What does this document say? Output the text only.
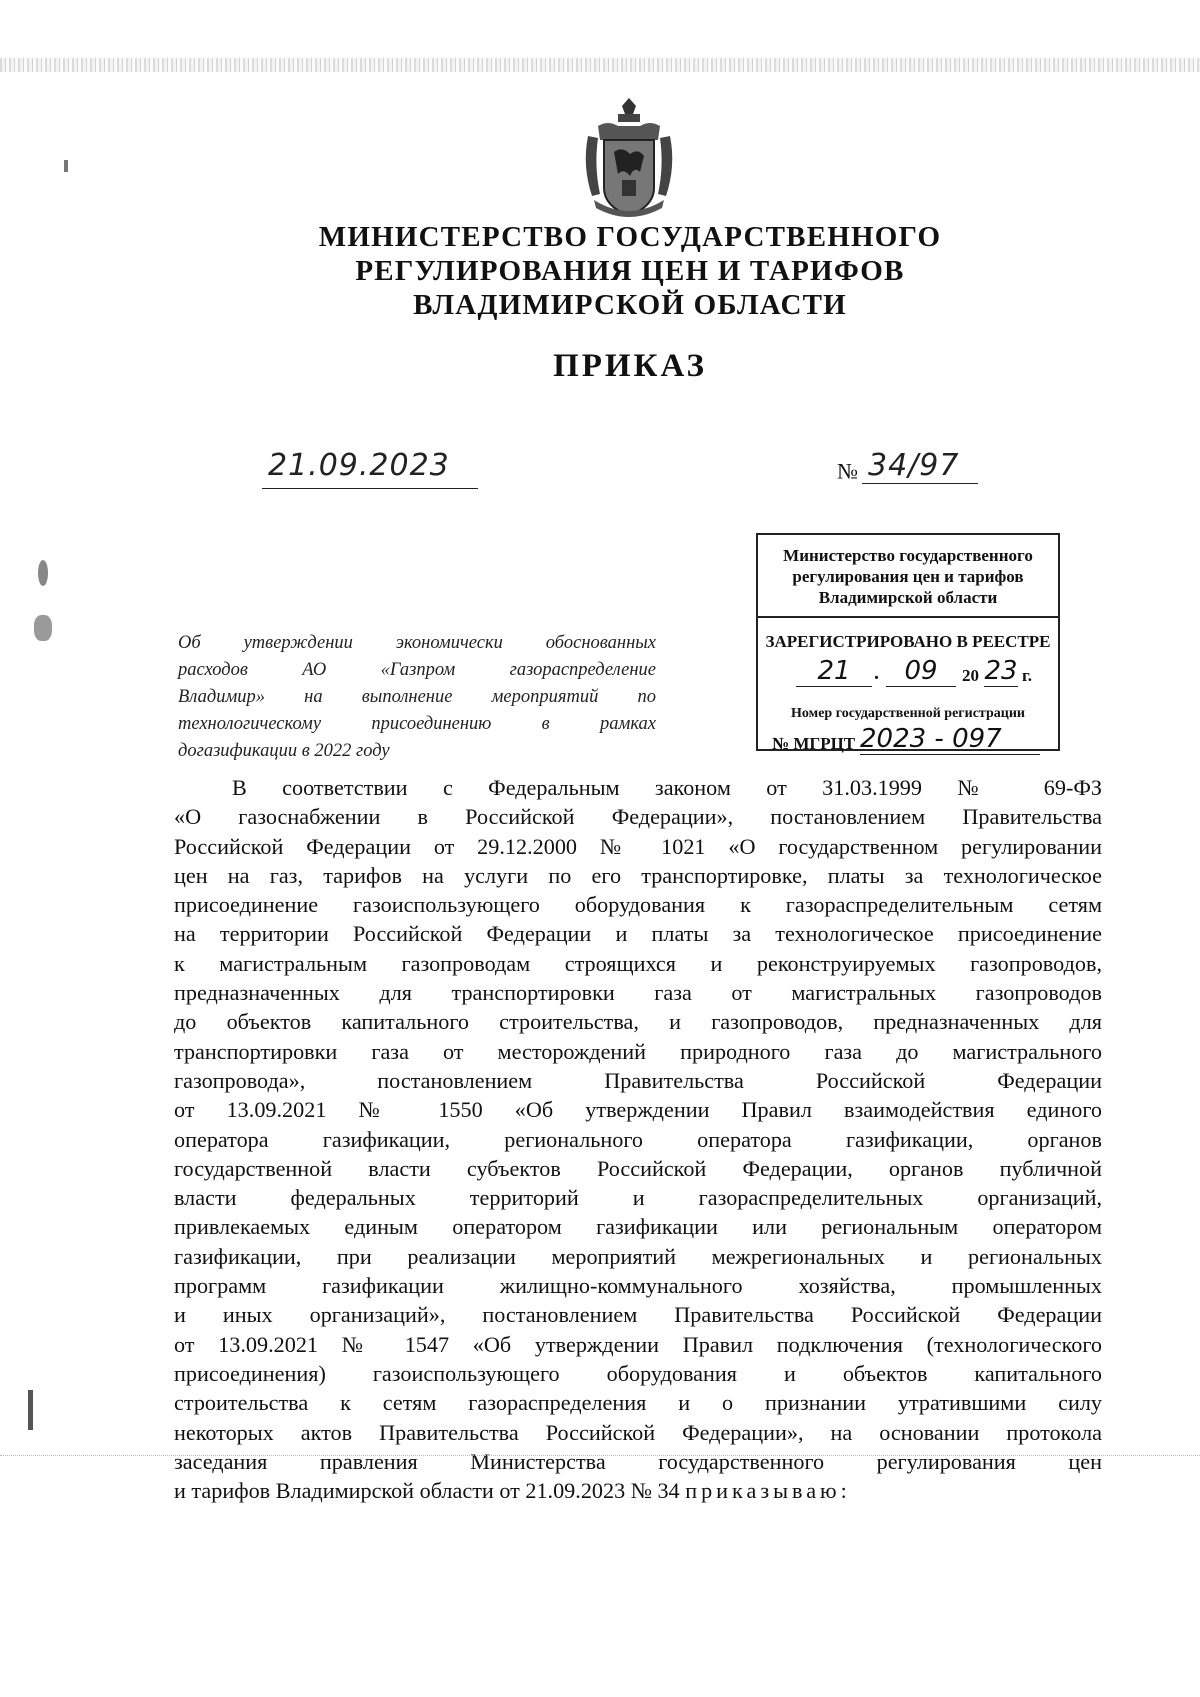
МИНИСТЕРСТВО ГОСУДАРСТВЕННОГО
РЕГУЛИРОВАНИЯ ЦЕН И ТАРИФОВ
ВЛАДИМИРСКОЙ ОБЛАСТИ
ПРИКАЗ
21.09.2023	№ 34/97
Министерство государственного
регулирования цен и тарифов
Владимирской области
ЗАРЕГИСТРИРОВАНО В РЕЕСТРЕ
21	. 09	20 23 г.
Номер государственной регистрации
№ МГРЦТ 2023 - 097
Об утверждении экономически обоснованных
расходов АО «Газпром газораспределение
Владимир» на выполнение мероприятий по
технологическому присоединению в рамках
догазификации в 2022 году
В соответствии с Федеральным законом от 31.03.1999 № 69-ФЗ
«О газоснабжении в Российской Федерации», постановлением Правительства
Российской Федерации от 29.12.2000 № 1021 «О государственном регулировании
цен на газ, тарифов на услуги по его транспортировке, платы за технологическое
присоединение газоиспользующего оборудования к газораспределительным сетям
на территории Российской Федерации и платы за технологическое присоединение
к магистральным газопроводам строящихся и реконструируемых газопроводов,
предназначенных для транспортировки газа от магистральных газопроводов
до объектов капитального строительства, и газопроводов, предназначенных для
транспортировки газа от месторождений природного газа до магистрального
газопровода», постановлением Правительства Российской Федерации
от 13.09.2021 № 1550 «Об утверждении Правил взаимодействия единого
оператора газификации, регионального оператора газификации, органов
государственной власти субъектов Российской Федерации, органов публичной
власти федеральных территорий и газораспределительных организаций,
привлекаемых единым оператором газификации или региональным оператором
газификации, при реализации мероприятий межрегиональных и региональных
программ газификации жилищно-коммунального хозяйства, промышленных
и иных организаций», постановлением Правительства Российской Федерации
от 13.09.2021 № 1547 «Об утверждении Правил подключения (технологического
присоединения) газоиспользующего оборудования и объектов капитального
строительства к сетям газораспределения и о признании утратившими силу
некоторых актов Правительства Российской Федерации», на основании протокола
заседания правления Министерства государственного регулирования цен
и тарифов Владимирской области от 21.09.2023 № 34 приказываю:
